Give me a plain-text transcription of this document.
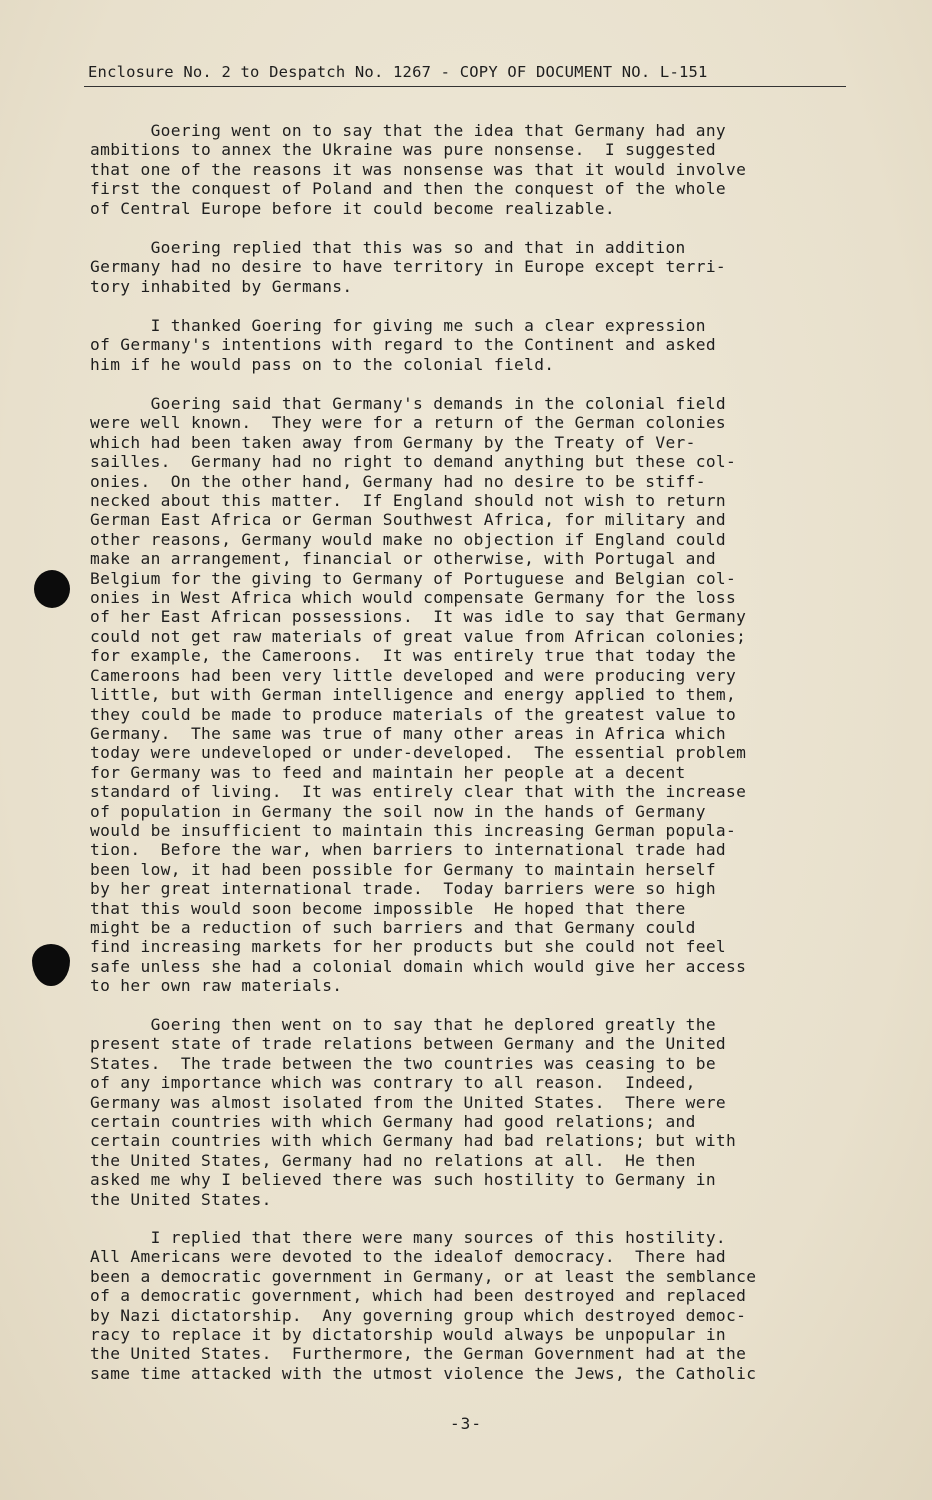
Enclosure No. 2 to Despatch No. 1267 - COPY OF DOCUMENT NO. L-151
Goering went on to say that the idea that Germany had any
ambitions to annex the Ukraine was pure nonsense.  I suggested
that one of the reasons it was nonsense was that it would involve
first the conquest of Poland and then the conquest of the whole
of Central Europe before it could become realizable.
Goering replied that this was so and that in addition
Germany had no desire to have territory in Europe except terri-
tory inhabited by Germans.
I thanked Goering for giving me such a clear expression
of Germany's intentions with regard to the Continent and asked
him if he would pass on to the colonial field.
Goering said that Germany's demands in the colonial field
were well known.  They were for a return of the German colonies
which had been taken away from Germany by the Treaty of Ver-
sailles.  Germany had no right to demand anything but these col-
onies.  On the other hand, Germany had no desire to be stiff-
necked about this matter.  If England should not wish to return
German East Africa or German Southwest Africa, for military and
other reasons, Germany would make no objection if England could
make an arrangement, financial or otherwise, with Portugal and
Belgium for the giving to Germany of Portuguese and Belgian col-
onies in West Africa which would compensate Germany for the loss
of her East African possessions.  It was idle to say that Germany
could not get raw materials of great value from African colonies;
for example, the Cameroons.  It was entirely true that today the
Cameroons had been very little developed and were producing very
little, but with German intelligence and energy applied to them,
they could be made to produce materials of the greatest value to
Germany.  The same was true of many other areas in Africa which
today were undeveloped or under-developed.  The essential problem
for Germany was to feed and maintain her people at a decent
standard of living.  It was entirely clear that with the increase
of population in Germany the soil now in the hands of Germany
would be insufficient to maintain this increasing German popula-
tion.  Before the war, when barriers to international trade had
been low, it had been possible for Germany to maintain herself
by her great international trade.  Today barriers were so high
that this would soon become impossible  He hoped that there
might be a reduction of such barriers and that Germany could
find increasing markets for her products but she could not feel
safe unless she had a colonial domain which would give her access
to her own raw materials.
Goering then went on to say that he deplored greatly the
present state of trade relations between Germany and the United
States.  The trade between the two countries was ceasing to be
of any importance which was contrary to all reason.  Indeed,
Germany was almost isolated from the United States.  There were
certain countries with which Germany had good relations; and
certain countries with which Germany had bad relations; but with
the United States, Germany had no relations at all.  He then
asked me why I believed there was such hostility to Germany in
the United States.
I replied that there were many sources of this hostility.
All Americans were devoted to the idealof democracy.  There had
been a democratic government in Germany, or at least the semblance
of a democratic government, which had been destroyed and replaced
by Nazi dictatorship.  Any governing group which destroyed democ-
racy to replace it by dictatorship would always be unpopular in
the United States.  Furthermore, the German Government had at the
same time attacked with the utmost violence the Jews, the Catholic
-3-
